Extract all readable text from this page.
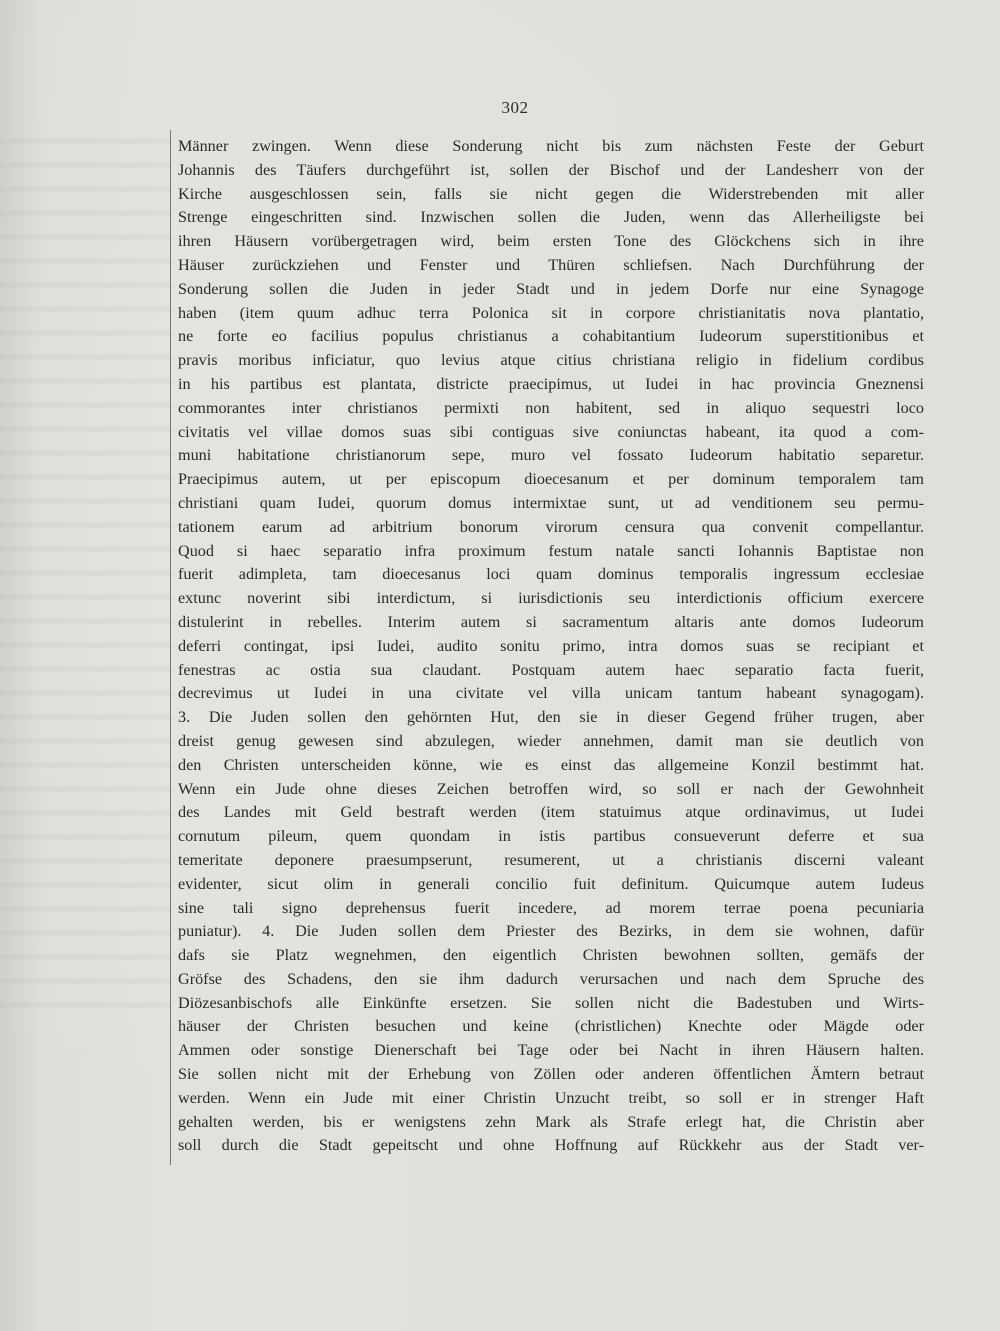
302
Männer zwingen. Wenn diese Sonderung nicht bis zum nächsten Feste der Geburt
Johannis des Täufers durchgeführt ist, sollen der Bischof und der Landesherr von der
Kirche ausgeschlossen sein, falls sie nicht gegen die Widerstrebenden mit aller
Strenge eingeschritten sind. Inzwischen sollen die Juden, wenn das Allerheiligste bei
ihren Häusern vorübergetragen wird, beim ersten Tone des Glöckchens sich in ihre
Häuser zurückziehen und Fenster und Thüren schliefsen. Nach Durchführung der
Sonderung sollen die Juden in jeder Stadt und in jedem Dorfe nur eine Synagoge
haben (item quum adhuc terra Polonica sit in corpore christianitatis nova plantatio,
ne forte eo facilius populus christianus a cohabitantium Iudeorum superstitionibus et
pravis moribus inficiatur, quo levius atque citius christiana religio in fidelium cordibus
in his partibus est plantata, districte praecipimus, ut Iudei in hac provincia Gneznensi
commorantes inter christianos permixti non habitent, sed in aliquo sequestri loco
civitatis vel villae domos suas sibi contiguas sive coniunctas habeant, ita quod a com-
muni habitatione christianorum sepe, muro vel fossato Iudeorum habitatio separetur.
Praecipimus autem, ut per episcopum dioecesanum et per dominum temporalem tam
christiani quam Iudei, quorum domus intermixtae sunt, ut ad venditionem seu permu-
tationem earum ad arbitrium bonorum virorum censura qua convenit compellantur.
Quod si haec separatio infra proximum festum natale sancti Iohannis Baptistae non
fuerit adimpleta, tam dioecesanus loci quam dominus temporalis ingressum ecclesiae
extunc noverint sibi interdictum, si iurisdictionis seu interdictionis officium exercere
distulerint in rebelles. Interim autem si sacramentum altaris ante domos Iudeorum
deferri contingat, ipsi Iudei, audito sonitu primo, intra domos suas se recipiant et
fenestras ac ostia sua claudant. Postquam autem haec separatio facta fuerit,
decrevimus ut Iudei in una civitate vel villa unicam tantum habeant synagogam).
3. Die Juden sollen den gehörnten Hut, den sie in dieser Gegend früher trugen, aber
dreist genug gewesen sind abzulegen, wieder annehmen, damit man sie deutlich von
den Christen unterscheiden könne, wie es einst das allgemeine Konzil bestimmt hat.
Wenn ein Jude ohne dieses Zeichen betroffen wird, so soll er nach der Gewohnheit
des Landes mit Geld bestraft werden (item statuimus atque ordinavimus, ut Iudei
cornutum pileum, quem quondam in istis partibus consueverunt deferre et sua
temeritate deponere praesumpserunt, resumerent, ut a christianis discerni valeant
evidenter, sicut olim in generali concilio fuit definitum. Quicumque autem Iudeus
sine tali signo deprehensus fuerit incedere, ad morem terrae poena pecuniaria
puniatur). 4. Die Juden sollen dem Priester des Bezirks, in dem sie wohnen, dafür
dafs sie Platz wegnehmen, den eigentlich Christen bewohnen sollten, gemäfs der
Gröfse des Schadens, den sie ihm dadurch verursachen und nach dem Spruche des
Diözesanbischofs alle Einkünfte ersetzen. Sie sollen nicht die Badestuben und Wirts-
häuser der Christen besuchen und keine (christlichen) Knechte oder Mägde oder
Ammen oder sonstige Dienerschaft bei Tage oder bei Nacht in ihren Häusern halten.
Sie sollen nicht mit der Erhebung von Zöllen oder anderen öffentlichen Ämtern betraut
werden. Wenn ein Jude mit einer Christin Unzucht treibt, so soll er in strenger Haft
gehalten werden, bis er wenigstens zehn Mark als Strafe erlegt hat, die Christin aber
soll durch die Stadt gepeitscht und ohne Hoffnung auf Rückkehr aus der Stadt ver-
